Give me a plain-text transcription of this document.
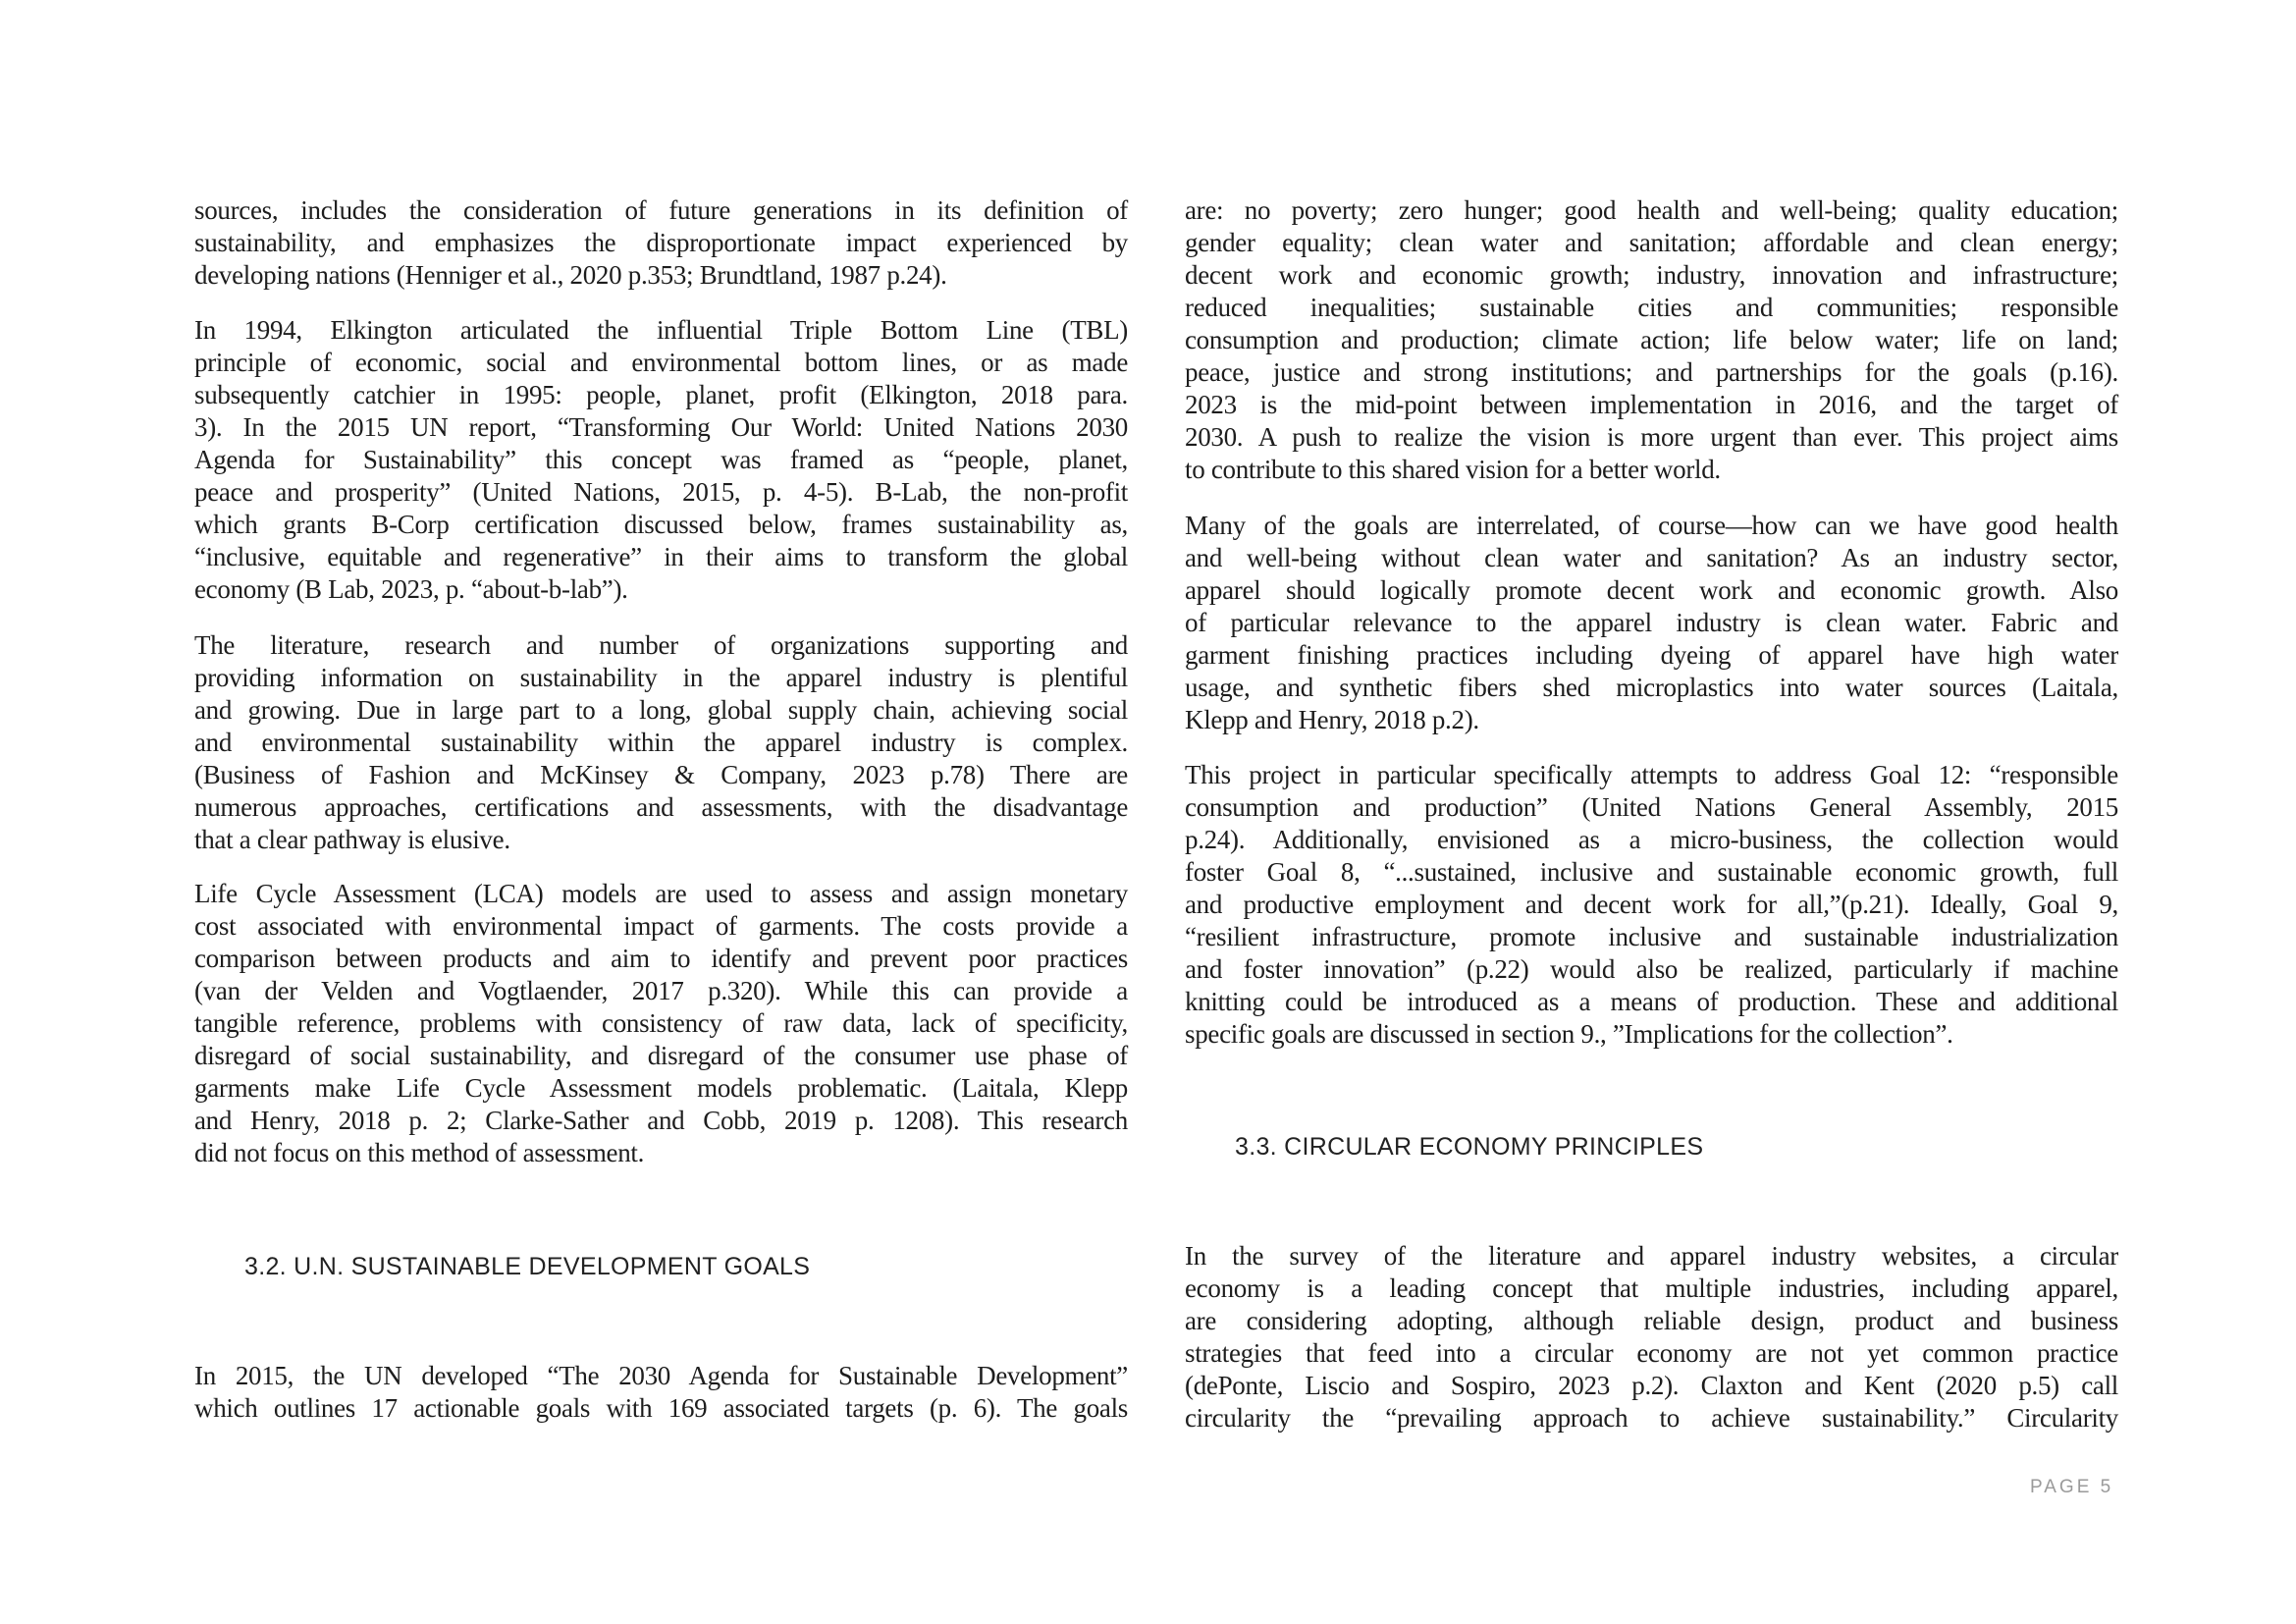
sources, includes the consideration of future generations in its definition of
sustainability, and emphasizes the disproportionate impact experienced by
developing nations (Henniger et al., 2020 p.353; Brundtland, 1987 p.24).
In 1994, Elkington articulated the influential Triple Bottom Line (TBL)
principle of economic, social and environmental bottom lines, or as made
subsequently catchier in 1995: people, planet, profit (Elkington, 2018 para.
3). In the 2015 UN report, “Transforming Our World: United Nations 2030
Agenda for Sustainability” this concept was framed as “people, planet,
peace and prosperity” (United Nations, 2015, p. 4-5). B-Lab, the non-profit
which grants B-Corp certification discussed below, frames sustainability as,
“inclusive, equitable and regenerative” in their aims to transform the global
economy (B Lab, 2023, p. “about-b-lab”).
The literature, research and number of organizations supporting and
providing information on sustainability in the apparel industry is plentiful
and growing. Due in large part to a long, global supply chain, achieving social
and environmental sustainability within the apparel industry is complex.
(Business of Fashion and McKinsey & Company, 2023 p.78) There are
numerous approaches, certifications and assessments, with the disadvantage
that a clear pathway is elusive.
Life Cycle Assessment (LCA) models are used to assess and assign monetary
cost associated with environmental impact of garments. The costs provide a
comparison between products and aim to identify and prevent poor practices
(van der Velden and Vogtlaender, 2017 p.320). While this can provide a
tangible reference, problems with consistency of raw data, lack of specificity,
disregard of social sustainability, and disregard of the consumer use phase of
garments make Life Cycle Assessment models problematic. (Laitala, Klepp
and Henry, 2018 p. 2; Clarke-Sather and Cobb, 2019 p. 1208). This research
did not focus on this method of assessment.
3.2. U.N. SUSTAINABLE DEVELOPMENT GOALS
In 2015, the UN developed “The 2030 Agenda for Sustainable Development”
which outlines 17 actionable goals with 169 associated targets (p. 6). The goals
are: no poverty; zero hunger; good health and well-being; quality education;
gender equality; clean water and sanitation; affordable and clean energy;
decent work and economic growth; industry, innovation and infrastructure;
reduced inequalities; sustainable cities and communities; responsible
consumption and production; climate action; life below water; life on land;
peace, justice and strong institutions; and partnerships for the goals (p.16).
2023 is the mid-point between implementation in 2016, and the target of
2030. A push to realize the vision is more urgent than ever. This project aims
to contribute to this shared vision for a better world.
Many of the goals are interrelated, of course—how can we have good health
and well-being without clean water and sanitation? As an industry sector,
apparel should logically promote decent work and economic growth. Also
of particular relevance to the apparel industry is clean water. Fabric and
garment finishing practices including dyeing of apparel have high water
usage, and synthetic fibers shed microplastics into water sources (Laitala,
Klepp and Henry, 2018 p.2).
This project in particular specifically attempts to address Goal 12: “responsible
consumption and production” (United Nations General Assembly, 2015
p.24). Additionally, envisioned as a micro-business, the collection would
foster Goal 8, “...sustained, inclusive and sustainable economic growth, full
and productive employment and decent work for all,”(p.21). Ideally, Goal 9,
“resilient infrastructure, promote inclusive and sustainable industrialization
and foster innovation” (p.22) would also be realized, particularly if machine
knitting could be introduced as a means of production. These and additional
specific goals are discussed in section 9., ”Implications for the collection”.
3.3. CIRCULAR ECONOMY PRINCIPLES
In the survey of the literature and apparel industry websites, a circular
economy is a leading concept that multiple industries, including apparel,
are considering adopting, although reliable design, product and business
strategies that feed into a circular economy are not yet common practice
(dePonte, Liscio and Sospiro, 2023 p.2). Claxton and Kent (2020 p.5) call
circularity the “prevailing approach to achieve sustainability.” Circularity
PAGE 5
